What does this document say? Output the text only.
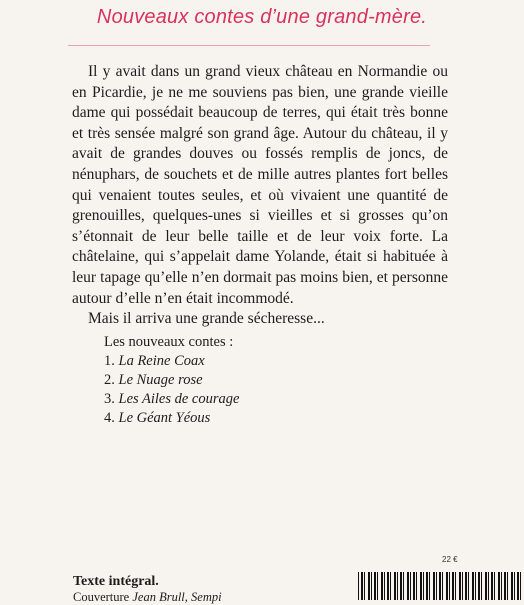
Nouveaux contes d’une grand-mère.

Il y avait dans un grand vieux château en Normandie ou en Picardie, je ne me souviens pas bien, une grande vieille dame qui possédait beaucoup de terres, qui était très bonne et très sensée malgré son grand âge. Autour du château, il y avait de grandes douves ou fossés remplis de joncs, de nénuphars, de souchets et de mille autres plantes fort belles qui venaient toutes seules, et où vivaient une quantité de grenouilles, quelques-unes si vieilles et si grosses qu’on s’étonnait de leur belle taille et de leur voix forte. La châtelaine, qui s’appelait dame Yolande, était si habituée à leur tapage qu’elle n’en dormait pas moins bien, et personne autour d’elle n’en était incommodé.

Mais il arriva une grande sécheresse...

Les nouveaux contes :
1. La Reine Coax
2. Le Nuage rose
3. Les Ailes de courage
4. Le Géant Yéous
22 €
Texte intégral.
Couverture Jean Brull, Sempi
